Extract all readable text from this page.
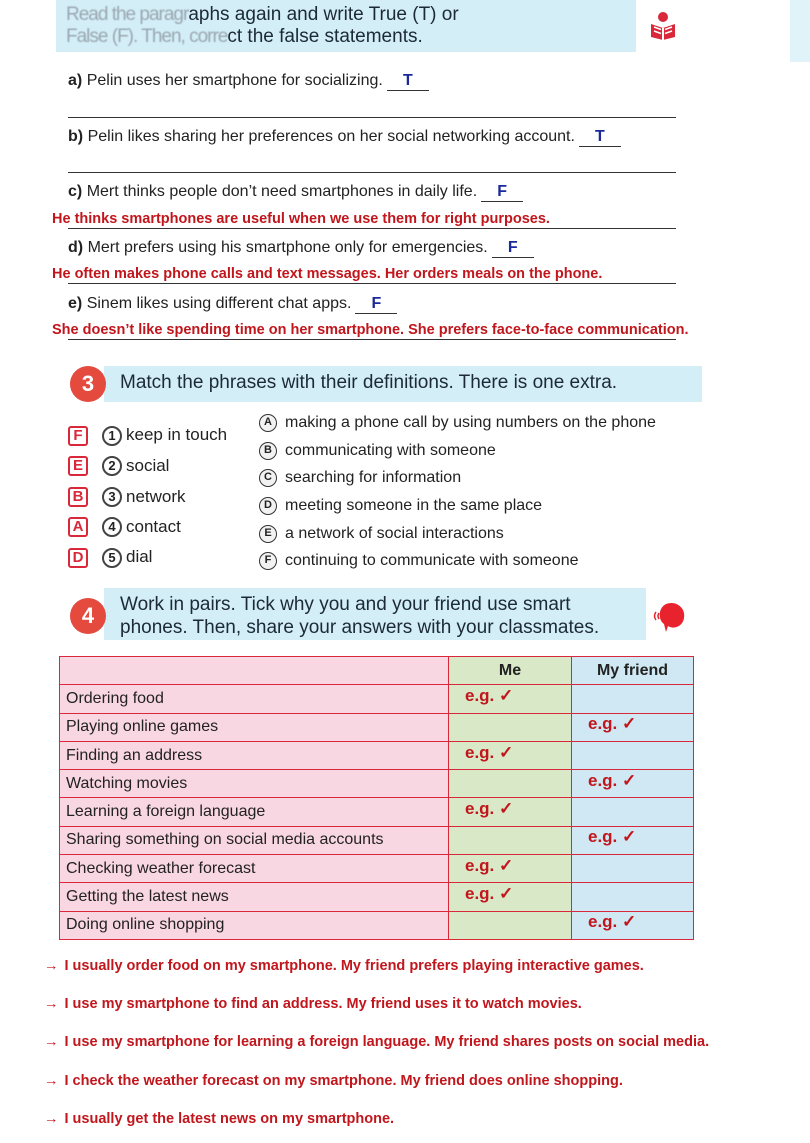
Read the paragraphs again and write True (T) or
False (F). Then, correct the false statements.
a) Pelin uses her smartphone for socializing. T
b) Pelin likes sharing her preferences on her social networking account. T
c) Mert thinks people don’t need smartphones in daily life. F
He thinks smartphones are useful when we use them for right purposes.
d) Mert prefers using his smartphone only for emergencies. F
He often makes phone calls and text messages. Her orders meals on the phone.
e) Sinem likes using different chat apps. F
She doesn’t like spending time on her smartphone. She prefers face-to-face communication.
Match the phrases with their definitions. There is one extra.
3
F	1 keep in touch
E	2 social
B	3 network
A	4 contact
D	5 dial
A making a phone call by using numbers on the phone
B communicating with someone
C searching for information
D meeting someone in the same place
E a network of social interactions
F continuing to communicate with someone
Work in pairs. Tick why you and your friend use smart
phones. Then, share your answers with your classmates.
4
	Me	My friend
Ordering food	e.g. ✓	

Playing online games		e.g. ✓

Finding an address	e.g. ✓	

Watching movies		e.g. ✓

Learning a foreign language	e.g. ✓	

Sharing something on social media accounts		e.g. ✓

Checking weather forecast	e.g. ✓	

Getting the latest news	e.g. ✓	

Doing online shopping		e.g. ✓
→ I usually order food on my smartphone. My friend prefers playing interactive games.
→ I use my smartphone to find an address. My friend uses it to watch movies.
→ I use my smartphone for learning a foreign language. My friend shares posts on social media.
→ I check the weather forecast on my smartphone. My friend does online shopping.
→ I usually get the latest news on my smartphone.
